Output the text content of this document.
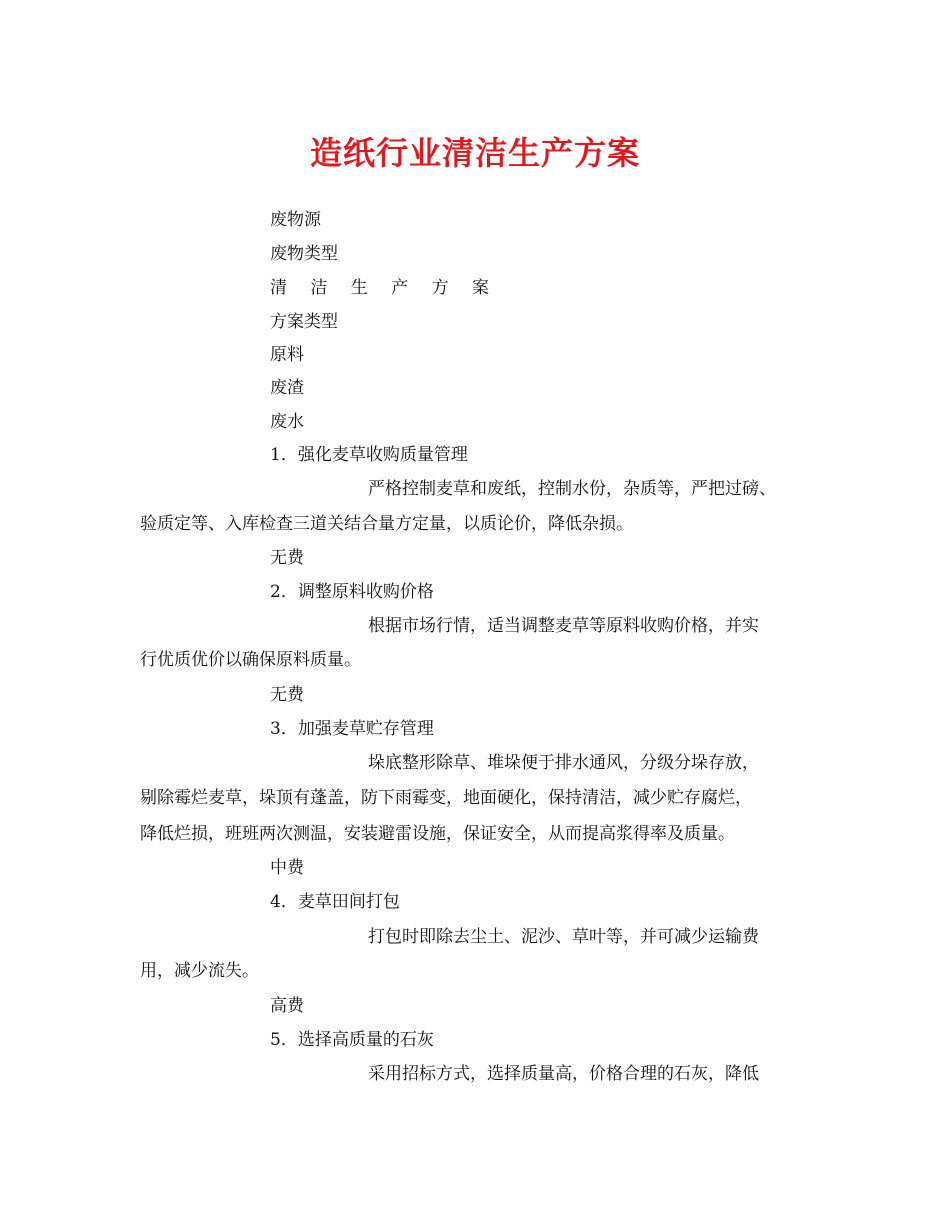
造纸行业清洁生产方案
废物源
废物类型
清 洁 生 产 方 案
方案类型
原料
废渣
废水
1．强化麦草收购质量管理
严格控制麦草和废纸，控制水份，杂质等，严把过磅、
验质定等、入库检查三道关结合量方定量，以质论价，降低杂损。
无费
2．调整原料收购价格
根据市场行情，适当调整麦草等原料收购价格，并实
行优质优价以确保原料质量。
无费
3．加强麦草贮存管理
垛底整形除草、堆垛便于排水通风，分级分垛存放，
剔除霉烂麦草，垛顶有蓬盖，防下雨霉变，地面硬化，保持清洁，减少贮存腐烂，
降低烂损，班班两次测温，安装避雷设施，保证安全，从而提高浆得率及质量。
中费
4．麦草田间打包
打包时即除去尘土、泥沙、草叶等，并可减少运输费
用，减少流失。
高费
5．选择高质量的石灰
采用招标方式，选择质量高，价格合理的石灰，降低
